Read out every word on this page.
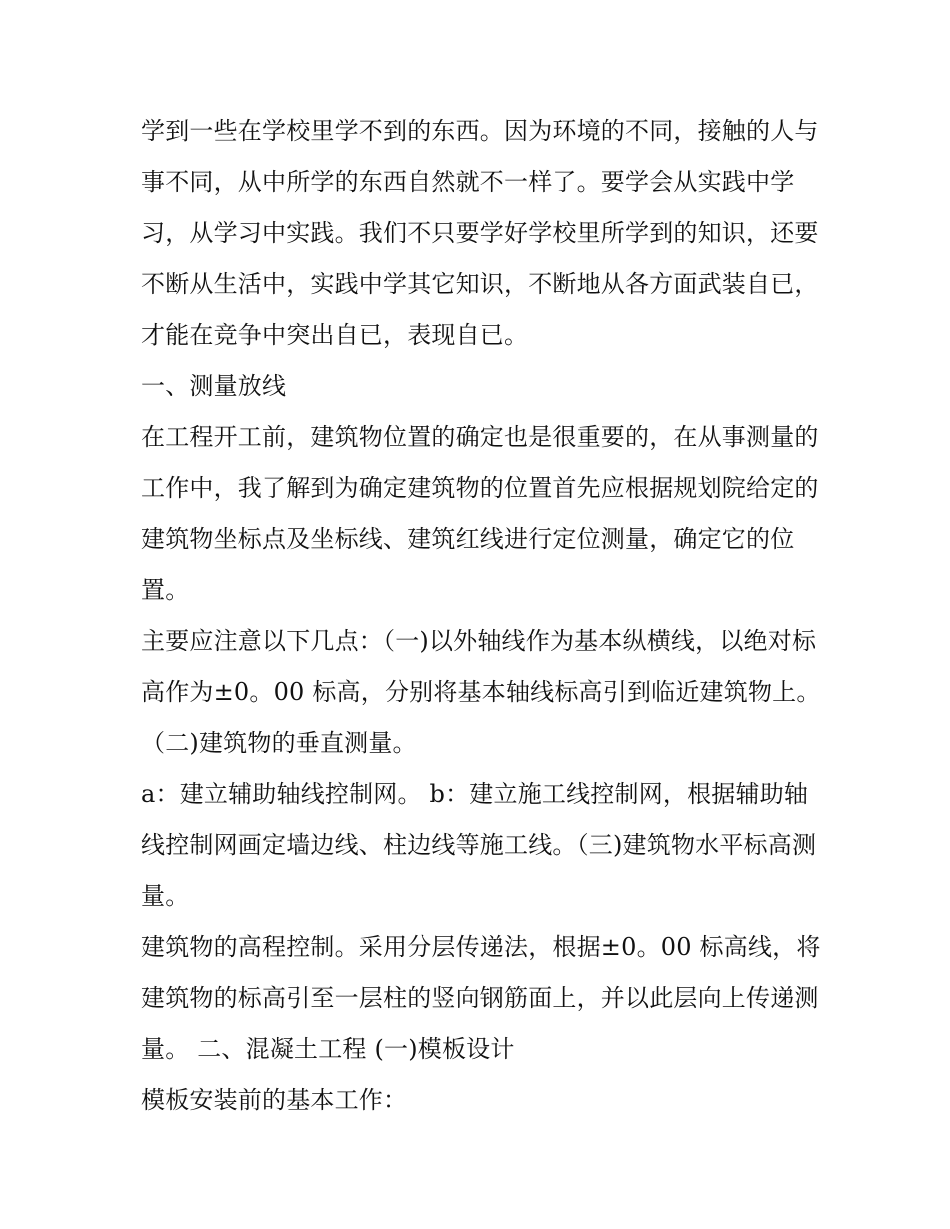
学到一些在学校里学不到的东西。因为环境的不同，接触的人与事不同，从中所学的东西自然就不一样了。要学会从实践中学习，从学习中实践。我们不只要学好学校里所学到的知识，还要不断从生活中，实践中学其它知识，不断地从各方面武装自已，才能在竞争中突出自已，表现自已。

一、测量放线

在工程开工前，建筑物位置的确定也是很重要的，在从事测量的工作中，我了解到为确定建筑物的位置首先应根据规划院给定的建筑物坐标点及坐标线、建筑红线进行定位测量，确定它的位置。

主要应注意以下几点：（一)以外轴线作为基本纵横线，以绝对标高作为±0。00 标高，分别将基本轴线标高引到临近建筑物上。（二)建筑物的垂直测量。

a：建立辅助轴线控制网。 b：建立施工线控制网，根据辅助轴线控制网画定墙边线、柱边线等施工线。（三)建筑物水平标高测量。

建筑物的高程控制。采用分层传递法，根据±0。00 标高线，将建筑物的标高引至一层柱的竖向钢筋面上，并以此层向上传递测量。 二、混凝土工程 (一)模板设计

模板安装前的基本工作：
